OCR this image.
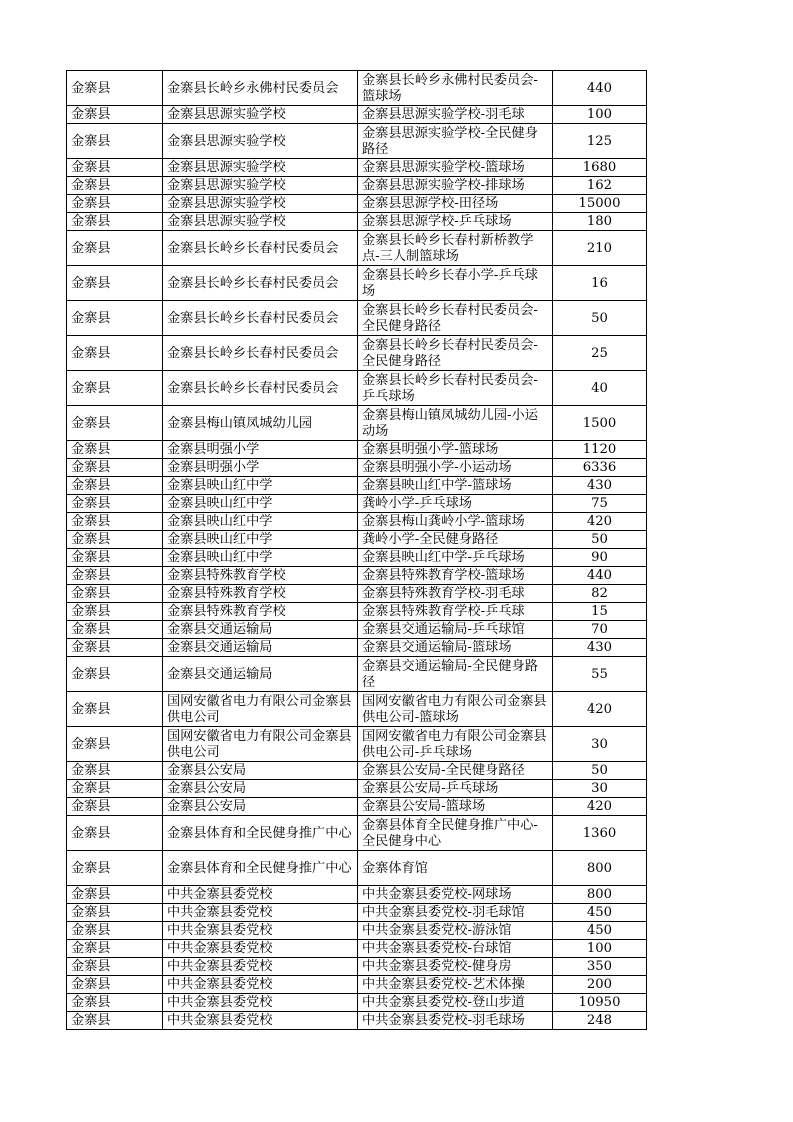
金寨县	金寨县长岭乡永佛村民委员会	金寨县长岭乡永佛村民委员会-篮球场	440
金寨县	金寨县思源实验学校	金寨县思源实验学校-羽毛球	100
金寨县	金寨县思源实验学校	金寨县思源实验学校-全民健身路径	125
金寨县	金寨县思源实验学校	金寨县思源实验学校-篮球场	1680
金寨县	金寨县思源实验学校	金寨县思源实验学校-排球场	162
金寨县	金寨县思源实验学校	金寨县思源学校-田径场	15000
金寨县	金寨县思源实验学校	金寨县思源学校-乒乓球场	180
金寨县	金寨县长岭乡长春村民委员会	金寨县长岭乡长春村新桥教学点-三人制篮球场	210
金寨县	金寨县长岭乡长春村民委员会	金寨县长岭乡长春小学-乒乓球场	16
金寨县	金寨县长岭乡长春村民委员会	金寨县长岭乡长春村民委员会-全民健身路径	50
金寨县	金寨县长岭乡长春村民委员会	金寨县长岭乡长春村民委员会-全民健身路径	25
金寨县	金寨县长岭乡长春村民委员会	金寨县长岭乡长春村民委员会-乒乓球场	40
金寨县	金寨县梅山镇凤城幼儿园	金寨县梅山镇凤城幼儿园-小运动场	1500
金寨县	金寨县明强小学	金寨县明强小学-篮球场	1120
金寨县	金寨县明强小学	金寨县明强小学-小运动场	6336
金寨县	金寨县映山红中学	金寨县映山红中学-篮球场	430
金寨县	金寨县映山红中学	龚岭小学-乒乓球场	75
金寨县	金寨县映山红中学	金寨县梅山龚岭小学-篮球场	420
金寨县	金寨县映山红中学	龚岭小学-全民健身路径	50
金寨县	金寨县映山红中学	金寨县映山红中学-乒乓球场	90
金寨县	金寨县特殊教育学校	金寨县特殊教育学校-篮球场	440
金寨县	金寨县特殊教育学校	金寨县特殊教育学校-羽毛球	82
金寨县	金寨县特殊教育学校	金寨县特殊教育学校-乒乓球	15
金寨县	金寨县交通运输局	金寨县交通运输局-乒乓球馆	70
金寨县	金寨县交通运输局	金寨县交通运输局-篮球场	430
金寨县	金寨县交通运输局	金寨县交通运输局-全民健身路径	55
金寨县	国网安徽省电力有限公司金寨县供电公司	国网安徽省电力有限公司金寨县供电公司-篮球场	420
金寨县	国网安徽省电力有限公司金寨县供电公司	国网安徽省电力有限公司金寨县供电公司-乒乓球场	30
金寨县	金寨县公安局	金寨县公安局-全民健身路径	50
金寨县	金寨县公安局	金寨县公安局-乒乓球场	30
金寨县	金寨县公安局	金寨县公安局-篮球场	420
金寨县	金寨县体育和全民健身推广中心	金寨县体育全民健身推广中心-全民健身中心	1360
金寨县	金寨县体育和全民健身推广中心	金寨体育馆	800
金寨县	中共金寨县委党校	中共金寨县委党校-网球场	800
金寨县	中共金寨县委党校	中共金寨县委党校-羽毛球馆	450
金寨县	中共金寨县委党校	中共金寨县委党校-游泳馆	450
金寨县	中共金寨县委党校	中共金寨县委党校-台球馆	100
金寨县	中共金寨县委党校	中共金寨县委党校-健身房	350
金寨县	中共金寨县委党校	中共金寨县委党校-艺术体操	200
金寨县	中共金寨县委党校	中共金寨县委党校-登山步道	10950
金寨县	中共金寨县委党校	中共金寨县委党校-羽毛球场	248
